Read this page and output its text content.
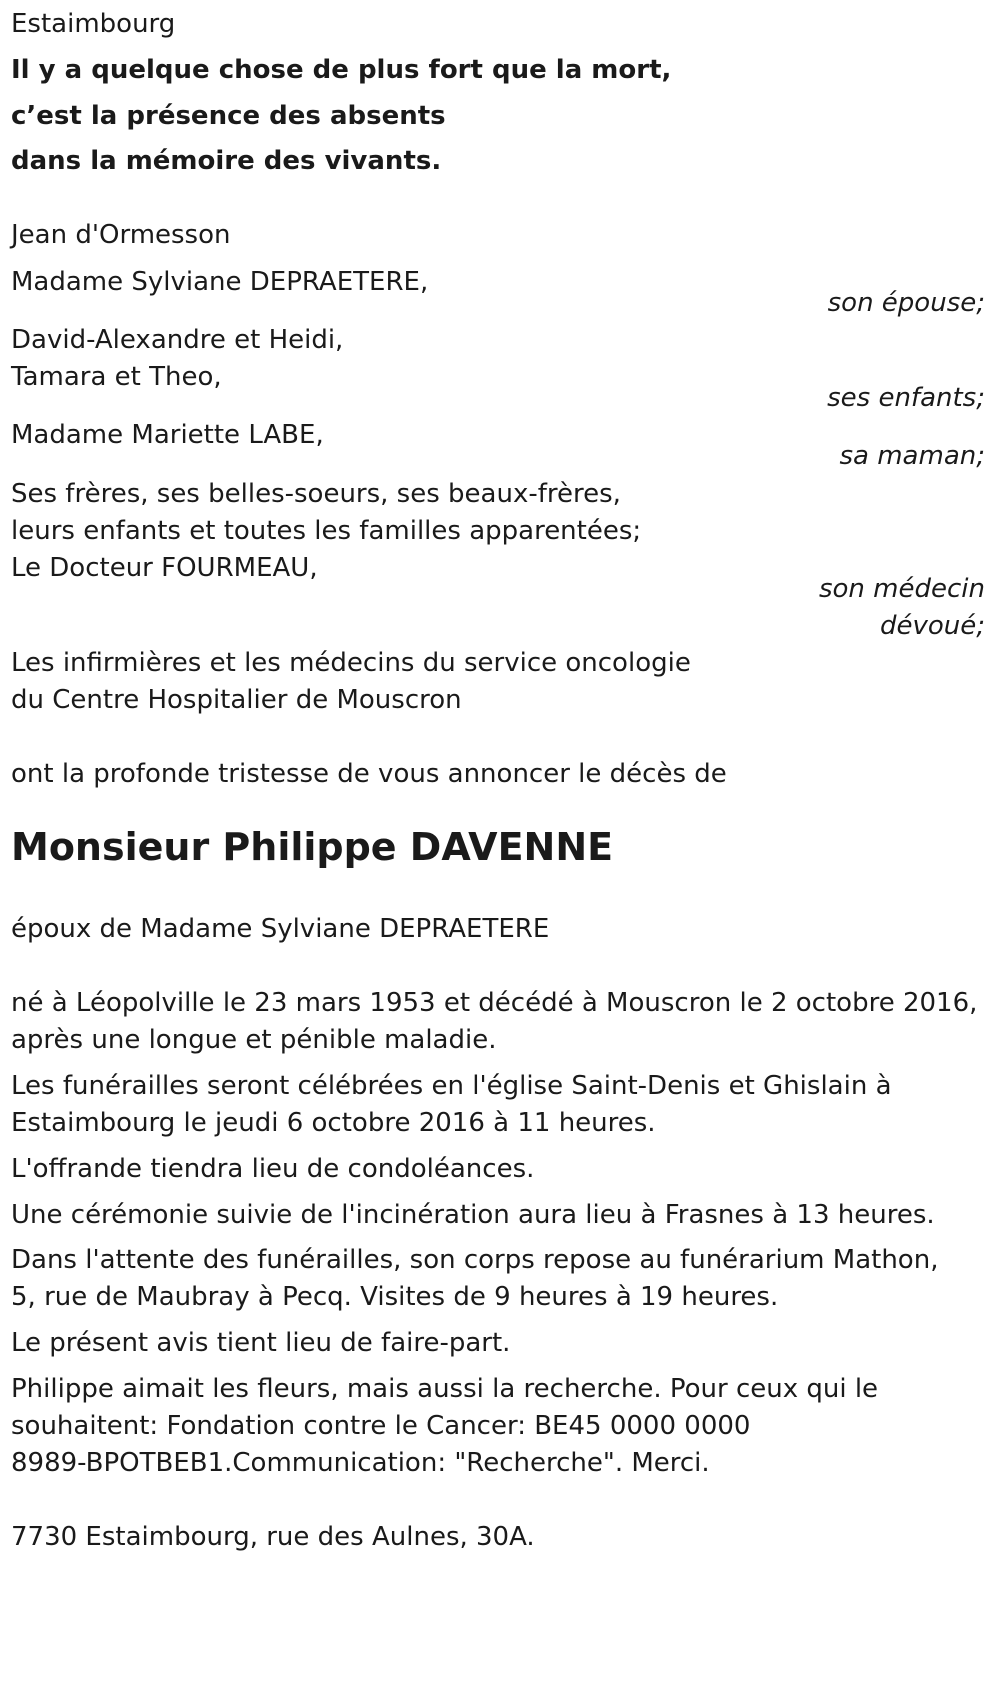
Estaimbourg
Il y a quelque chose de plus fort que la mort,
c’est la présence des absents
dans la mémoire des vivants.
Jean d'Ormesson
Madame Sylviane DEPRAETERE,
son épouse;
David-Alexandre et Heidi,
Tamara et Theo,
ses enfants;
Madame Mariette LABE,
sa maman;
Ses frères, ses belles-soeurs, ses beaux-frères,
leurs enfants et toutes les familles apparentées;
Le Docteur FOURMEAU,
son médecin
dévoué;
Les infirmières et les médecins du service oncologie
du Centre Hospitalier de Mouscron
ont la profonde tristesse de vous annoncer le décès de
Monsieur Philippe DAVENNE
époux de Madame Sylviane DEPRAETERE
né à Léopolville le 23 mars 1953 et décédé à Mouscron le 2 octobre 2016,
après une longue et pénible maladie.
Les funérailles seront célébrées en l'église Saint-Denis et Ghislain à
Estaimbourg le jeudi 6 octobre 2016 à 11 heures.
L'offrande tiendra lieu de condoléances.
Une cérémonie suivie de l'incinération aura lieu à Frasnes à 13 heures.
Dans l'attente des funérailles, son corps repose au funérarium Mathon,
5, rue de Maubray à Pecq. Visites de 9 heures à 19 heures.
Le présent avis tient lieu de faire-part.
Philippe aimait les fleurs, mais aussi la recherche. Pour ceux qui le
souhaitent: Fondation contre le Cancer: BE45 0000 0000
8989-BPOTBEB1.Communication: "Recherche". Merci.
7730 Estaimbourg, rue des Aulnes, 30A.
